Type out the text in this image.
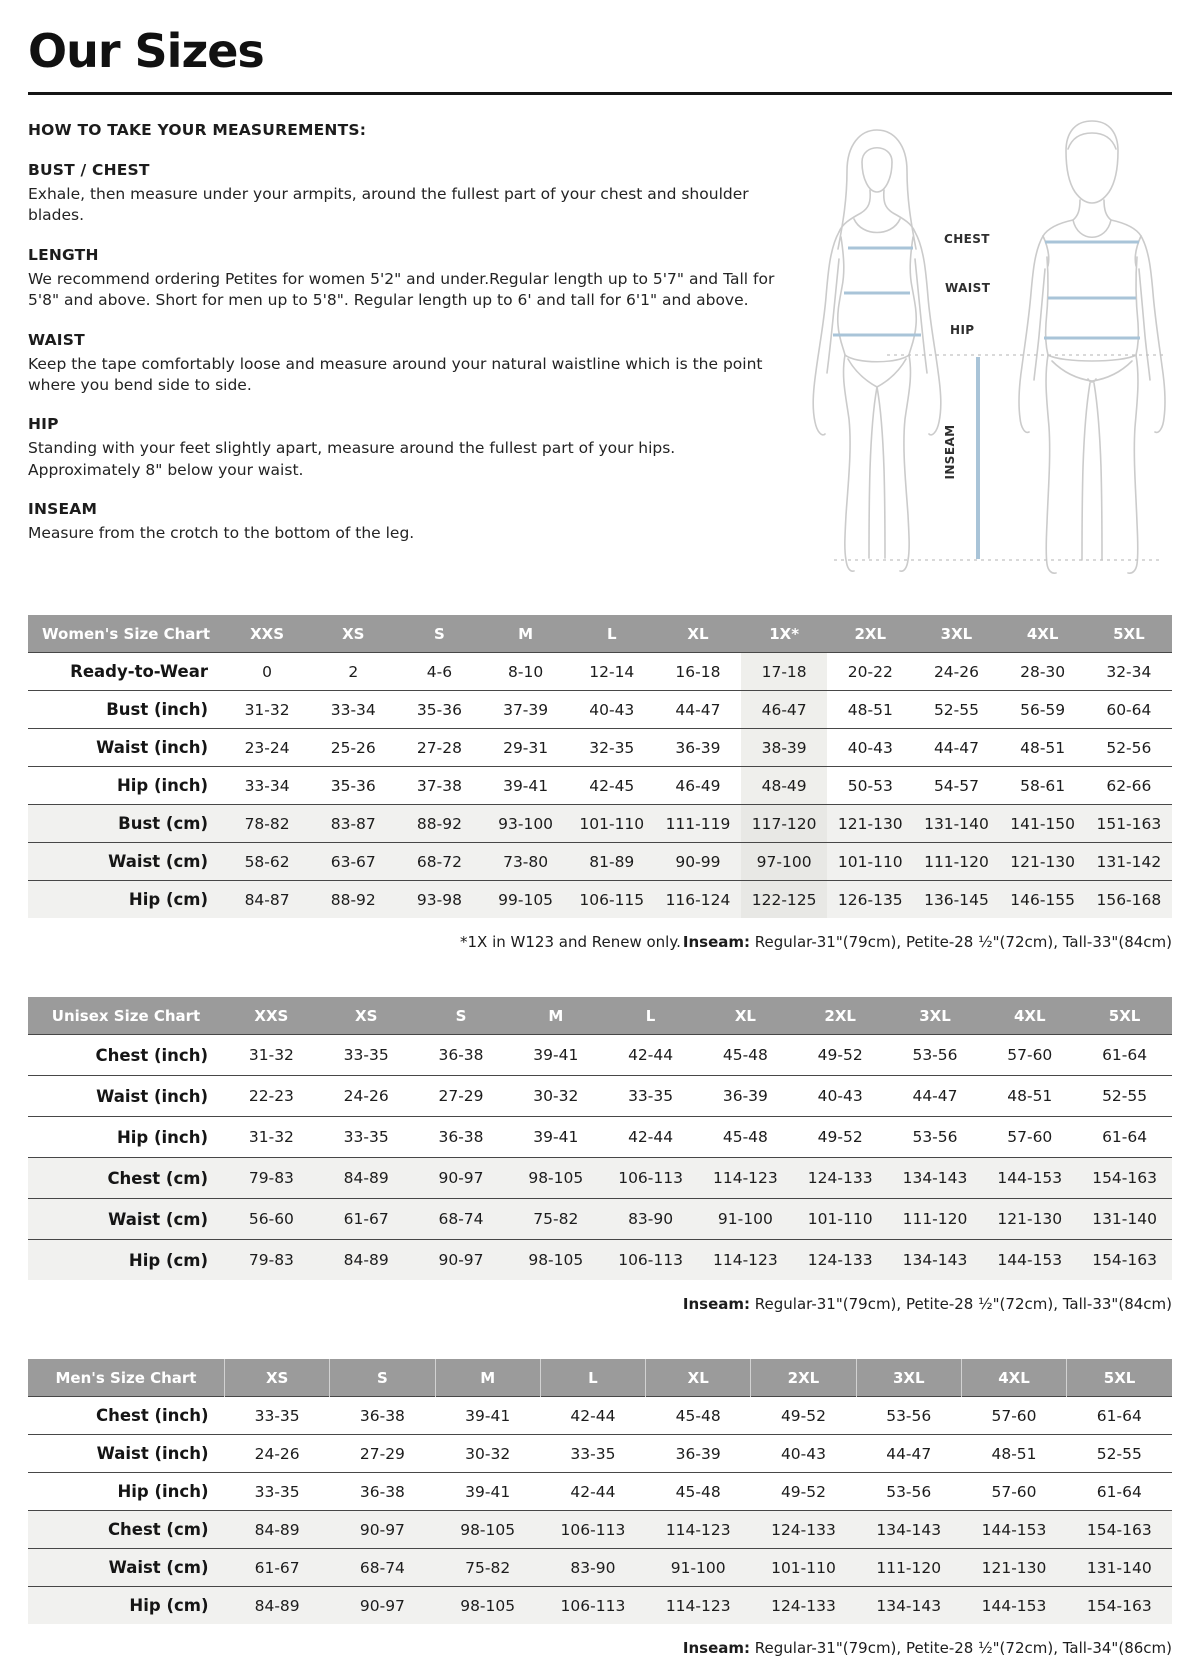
Our Sizes

HOW TO TAKE YOUR MEASUREMENTS:

BUST / CHEST

Exhale, then measure under your armpits, around the fullest part of your chest and shoulder blades.

LENGTH

We recommend ordering Petites for women 5'2" and under.Regular length up to 5'7" and Tall for 5'8" and above. Short for men up to 5'8". Regular length up to 6' and tall for 6'1" and above.

WAIST

Keep the tape comfortably loose and measure around your natural waistline which is the point where you bend side to side.

HIP

Standing with your feet slightly apart, measure around the fullest part of your hips. Approximately 8" below your waist.

INSEAM

Measure from the crotch to the bottom of the leg.

CHEST
WAIST
HIP
INSEAM
Women's Size Chart	XXS	XS	S	M	L	XL	1X*	2XL	3XL	4XL	5XL
Ready-to-Wear	0	2	4-6	8-10	12-14	16-18	17-18	20-22	24-26	28-30	32-34
Bust (inch)	31-32	33-34	35-36	37-39	40-43	44-47	46-47	48-51	52-55	56-59	60-64
Waist (inch)	23-24	25-26	27-28	29-31	32-35	36-39	38-39	40-43	44-47	48-51	52-56
Hip (inch)	33-34	35-36	37-38	39-41	42-45	46-49	48-49	50-53	54-57	58-61	62-66
Bust (cm)	78-82	83-87	88-92	93-100	101-110	111-119	117-120	121-130	131-140	141-150	151-163
Waist (cm)	58-62	63-67	68-72	73-80	81-89	90-99	97-100	101-110	111-120	121-130	131-142
Hip (cm)	84-87	88-92	93-98	99-105	106-115	116-124	122-125	126-135	136-145	146-155	156-168
*1X in W123 and Renew only. Inseam: Regular-31"(79cm), Petite-28 ½"(72cm), Tall-33"(84cm)
Unisex Size Chart	XXS	XS	S	M	L	XL	2XL	3XL	4XL	5XL
Chest (inch)	31-32	33-35	36-38	39-41	42-44	45-48	49-52	53-56	57-60	61-64
Waist (inch)	22-23	24-26	27-29	30-32	33-35	36-39	40-43	44-47	48-51	52-55
Hip (inch)	31-32	33-35	36-38	39-41	42-44	45-48	49-52	53-56	57-60	61-64
Chest (cm)	79-83	84-89	90-97	98-105	106-113	114-123	124-133	134-143	144-153	154-163
Waist (cm)	56-60	61-67	68-74	75-82	83-90	91-100	101-110	111-120	121-130	131-140
Hip (cm)	79-83	84-89	90-97	98-105	106-113	114-123	124-133	134-143	144-153	154-163
Inseam: Regular-31"(79cm), Petite-28 ½"(72cm), Tall-33"(84cm)
Men's Size Chart	XS	S	M	L	XL	2XL	3XL	4XL	5XL
Chest (inch)	33-35	36-38	39-41	42-44	45-48	49-52	53-56	57-60	61-64
Waist (inch)	24-26	27-29	30-32	33-35	36-39	40-43	44-47	48-51	52-55
Hip (inch)	33-35	36-38	39-41	42-44	45-48	49-52	53-56	57-60	61-64
Chest (cm)	84-89	90-97	98-105	106-113	114-123	124-133	134-143	144-153	154-163
Waist (cm)	61-67	68-74	75-82	83-90	91-100	101-110	111-120	121-130	131-140
Hip (cm)	84-89	90-97	98-105	106-113	114-123	124-133	134-143	144-153	154-163
Inseam: Regular-31"(79cm), Petite-28 ½"(72cm), Tall-34"(86cm)
